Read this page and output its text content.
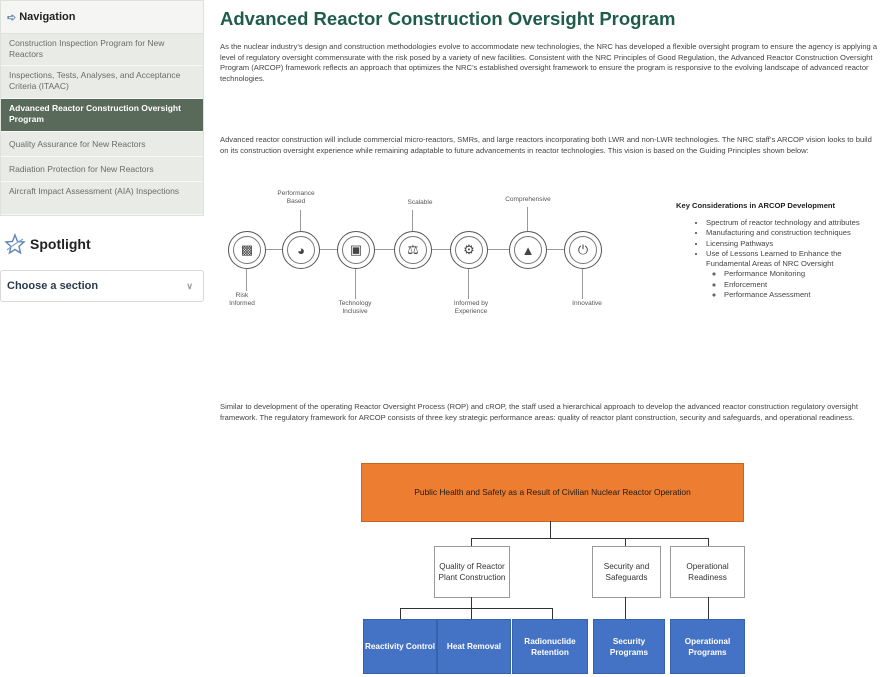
➪ Navigation
Construction Inspection Program for New Reactors
Inspections, Tests, Analyses, and Acceptance Criteria (ITAAC)
Advanced Reactor Construction Oversight Program
Quality Assurance for New Reactors
Radiation Protection for New Reactors
Aircraft Impact Assessment (AIA) Inspections
Spotlight
Choose a section	∨
Advanced Reactor Construction Oversight Program

As the nuclear industry’s design and construction methodologies evolve to accommodate new technologies, the NRC has developed a flexible oversight program to ensure the agency is applying a level of regulatory oversight commensurate with the risk posed by a variety of new facilities. Consistent with the NRC Principles of Good Regulation, the Advanced Reactor Construction Oversight Program (ARCOP) framework reflects an approach that optimizes the NRC’s established oversight framework to ensure the program is responsive to the evolving landscape of advanced reactor technologies.

Advanced reactor construction will include commercial micro-reactors, SMRs, and large reactors incorporating both LWR and non-LWR technologies. The NRC staff’s ARCOP vision looks to build on its construction oversight experience while remaining adaptable to future advancements in reactor technologies. This vision is based on the Guiding Principles shown below:

Risk Informed
Performance Based
Technology Inclusive
Scalable
Informed by Experience
Comprehensive
Innovative
▩	◕	▣	⚖	⚙	▲	⏻
Key Considerations in ARCOP Development
• Spectrum of reactor technology and attributes
• Manufacturing and construction techniques
• Licensing Pathways
• Use of Lessons Learned to Enhance the Fundamental Areas of NRC Oversight
◦ Performance Monitoring
◦ Enforcement
◦ Performance Assessment

Similar to development of the operating Reactor Oversight Process (ROP) and cROP, the staff used a hierarchical approach to develop the advanced reactor construction regulatory oversight framework. The regulatory framework for ARCOP consists of three key strategic performance areas: quality of reactor plant construction, security and safeguards, and operational readiness.

Public Health and Safety as a Result of Civilian Nuclear Reactor Operation
Quality of Reactor Plant Construction
Security and Safeguards
Operational Readiness
Reactivity Control	Heat Removal
Radionuclide Retention
Security Programs
Operational Programs
